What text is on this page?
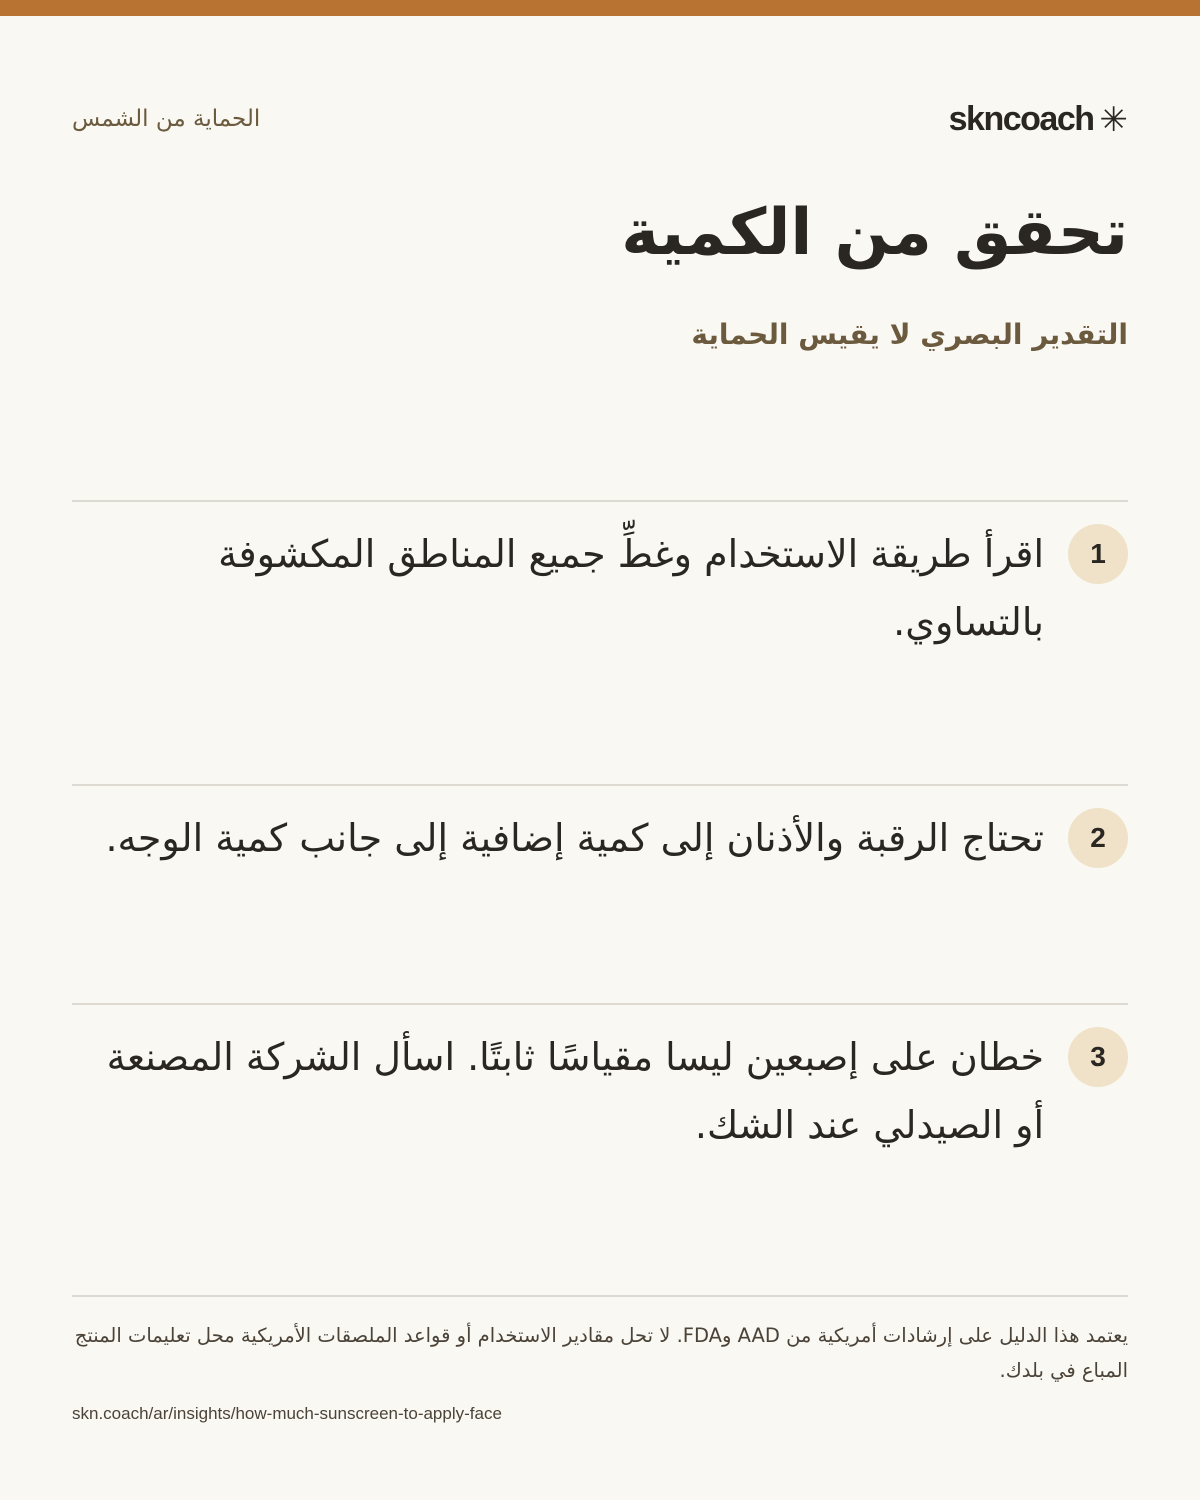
skncoach ✳
الحماية من الشمس
تحقق من الكمية
التقدير البصري لا يقيس الحماية
1
اقرأ طريقة الاستخدام وغطِّ جميع المناطق المكشوفة بالتساوي.
2
تحتاج الرقبة والأذنان إلى كمية إضافية إلى جانب كمية الوجه.
3
خطان على إصبعين ليسا مقياسًا ثابتًا. اسأل الشركة المصنعة أو الصيدلي عند الشك.
يعتمد هذا الدليل على إرشادات أمريكية من AAD وFDA. لا تحل مقادير الاستخدام أو قواعد الملصقات الأمريكية محل تعليمات المنتج المباع في بلدك.
skn.coach/ar/insights/how-much-sunscreen-to-apply-face
